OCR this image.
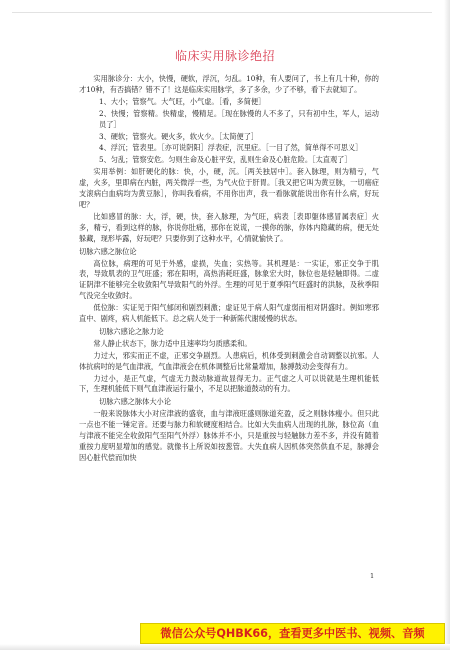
临床实用脉诊绝招

实用脉诊分：大小，快慢，硬软，浮沉，匀乱。10种，有人要问了，书上有几十种，你的才10种，有否搞错？错不了！这是临床实用脉学，多了多余，少了不够，看下去就知了。

1、大小；管察气。大气旺，小气虚。［看，多简便］

2、快慢；管察精。快精虚，慢精足。［现在脉慢的人不多了，只有初中生，军人，运动员了］

3、硬软；管察火。硬火多，软火少。［太简便了］

4、浮沉；管表里。［亦可说阴阳］浮表症，沉里症。［一目了然，简单得不可思义］

5、匀乱；管察安危。匀则生命及心脏平安，乱则生命及心脏危险。［太直观了］

实用举例：如肝硬化的脉：快，小，硬，沉。［两关独居中］。套入脉理，则为精亏，气虚，火多，里即病在内脏，两关微浮一些，为气火位于肝胃。［我又把它叫为黄豆脉，一切癌症支滚病白血病均为黄豆脉］，你叫我看病，不用你出声，我一看脉就能说出你有什么病，好玩吧？

比如感冒的脉：大，浮，硬，快，套入脉理，为气旺，病表［表即躯体感冒属表症］火多，精亏，看到这样的脉，你说你肚痛，那你在说谎，一摸你的脉，你体内隐藏的病，便无处躲藏，现形毕露，好玩吧？只要你到了这种水平，心情就愉快了。

切脉六感之脉位论

高位脉，病理的可见于外感，虚损，失血；实热等。其机理是：一实证，邪正交争于肌表，导致肌表的卫气旺盛；邪在阳明，高热消耗旺盛，脉象宏大时，脉位也是轻触即得。二虚证阴津不能够完全收敛阳气导致阳气的外浮。生理的可见于夏季阳气旺盛时的洪脉，及秋季阳气没完全收敛时。

低位脉：实证见于阳气郁闭和剧烈刺激；虚证见于病人阳气虚弱而相对阴盛时。例如寒邪直中、剧疼，病人机能低下。总之病人处于一种新陈代谢缓慢的状态。

切脉六感论之脉力论

常人静止状态下，脉力适中且速率均匀质感柔和。

力过大，邪实而正不虚，正邪交争剧烈。人患病后，机体受到刺激会自动调整以抗邪。人体抗病吋的是气血津液，气血津液会在机体调整后比常量增加，脉搏鼓动会变得有力。

力过小，是正气虚，气虚无力鼓动脉道故显得无力。正气虚之人可以说就是生理机能低下，生理机能低下则气血津液运行量小，不足以把脉道鼓动的有力。

切脉六感之脉体大小论

一般来说脉体大小对应津液的盛衰，血与津液旺盛则脉道充盈，反之则脉体瘦小。但只此一点也不能一锤定音。还要与脉力和软硬度相结合。比如大失血病人出现的扎脉，脉位高（血与津液不能完全收敛阳气至阳气外浮）脉体并不小，只是重按与轻触脉力差不多，并没有随着重按力度明显增加的感觉。就像书上所说如按葱管。大失血病人因机体突然供血不足，脉搏会因心脏代偿而加快

1
微信公众号QHBK66，查看更多中医书、视频、音频
